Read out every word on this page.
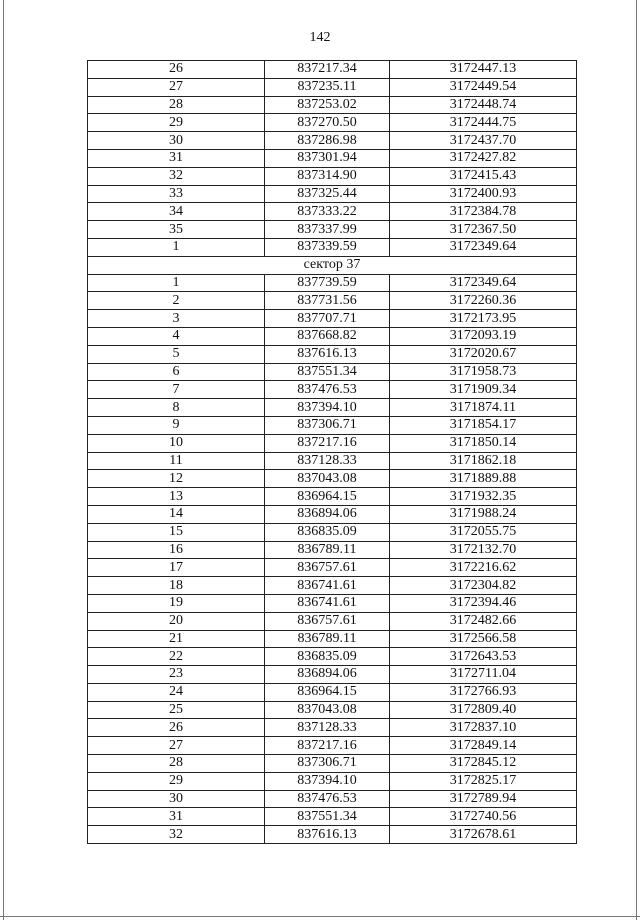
142
26	837217.34	3172447.13
27	837235.11	3172449.54
28	837253.02	3172448.74
29	837270.50	3172444.75
30	837286.98	3172437.70
31	837301.94	3172427.82
32	837314.90	3172415.43
33	837325.44	3172400.93
34	837333.22	3172384.78
35	837337.99	3172367.50
1	837339.59	3172349.64
сектор 37		
1	837739.59	3172349.64
2	837731.56	3172260.36
3	837707.71	3172173.95
4	837668.82	3172093.19
5	837616.13	3172020.67
6	837551.34	3171958.73
7	837476.53	3171909.34
8	837394.10	3171874.11
9	837306.71	3171854.17
10	837217.16	3171850.14
11	837128.33	3171862.18
12	837043.08	3171889.88
13	836964.15	3171932.35
14	836894.06	3171988.24
15	836835.09	3172055.75
16	836789.11	3172132.70
17	836757.61	3172216.62
18	836741.61	3172304.82
19	836741.61	3172394.46
20	836757.61	3172482.66
21	836789.11	3172566.58
22	836835.09	3172643.53
23	836894.06	3172711.04
24	836964.15	3172766.93
25	837043.08	3172809.40
26	837128.33	3172837.10
27	837217.16	3172849.14
28	837306.71	3172845.12
29	837394.10	3172825.17
30	837476.53	3172789.94
31	837551.34	3172740.56
32	837616.13	3172678.61
